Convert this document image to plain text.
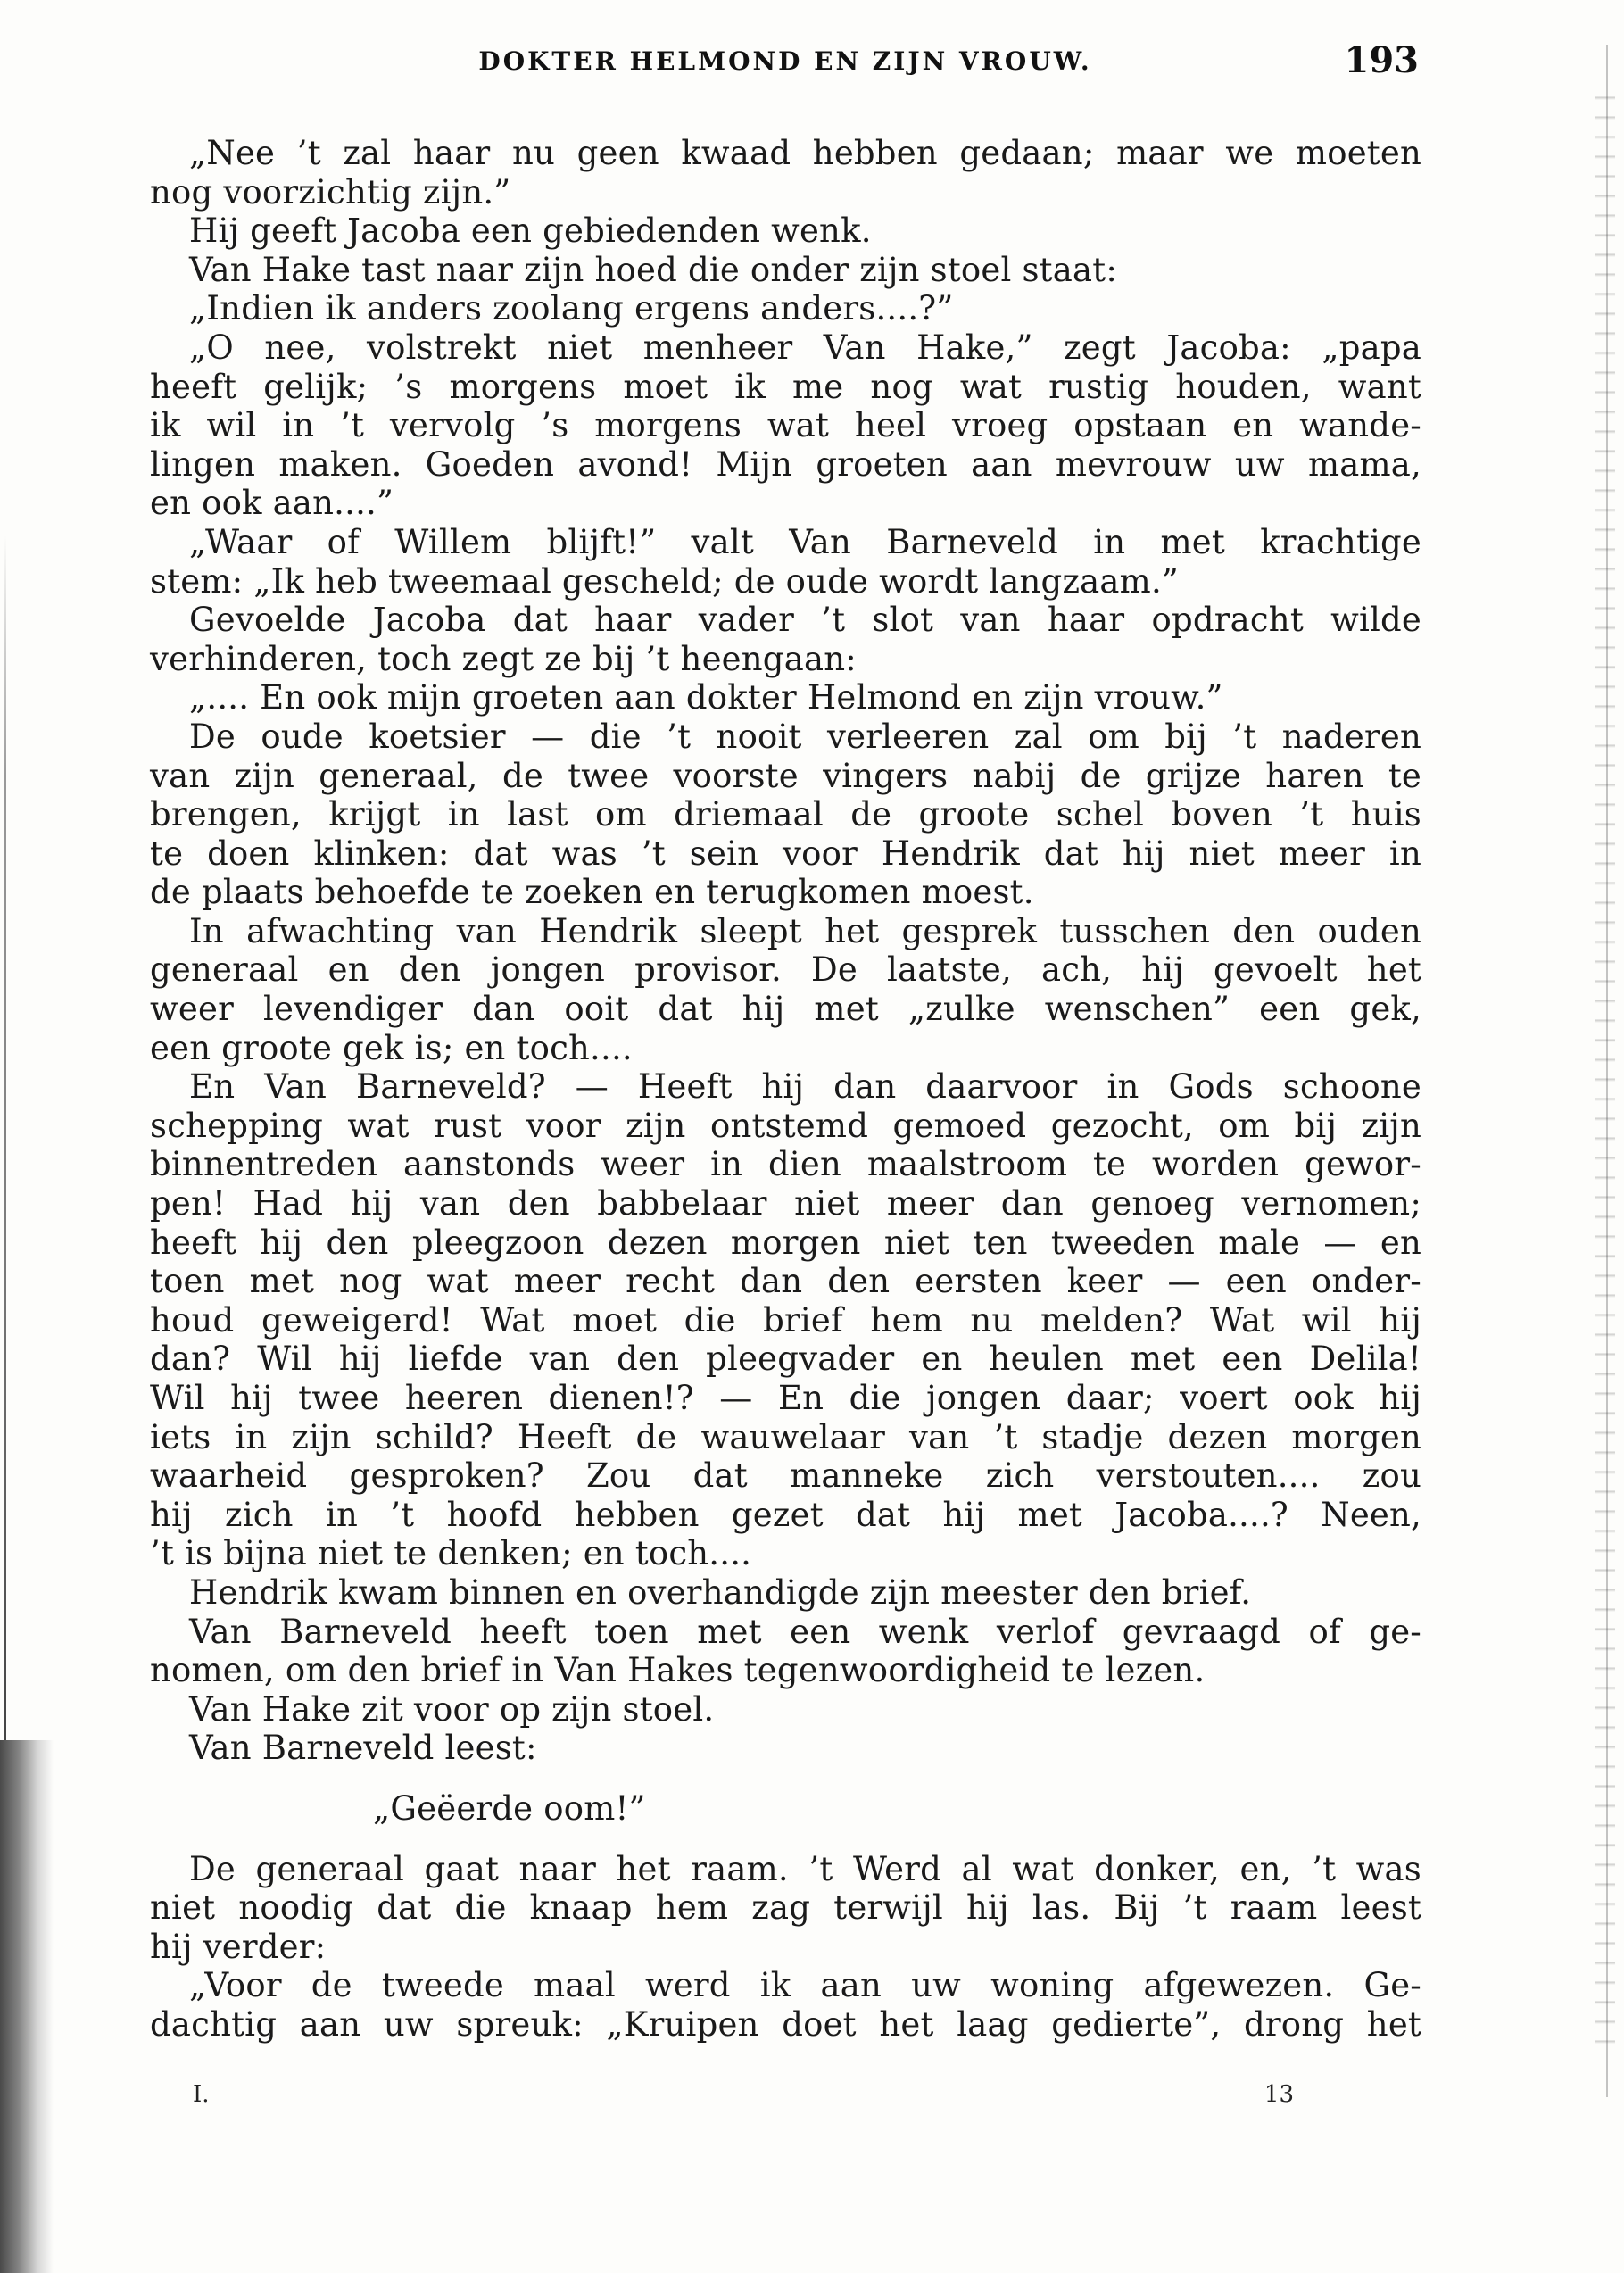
DOKTER HELMOND EN ZIJN VROUW.	193
„Nee ’t zal haar nu geen kwaad hebben gedaan; maar we moeten
nog voorzichtig zijn.”
Hij geeft Jacoba een gebiedenden wenk.
Van Hake tast naar zijn hoed die onder zijn stoel staat:
„Indien ik anders zoolang ergens anders....?”
„O nee, volstrekt niet menheer Van Hake,” zegt Jacoba: „papa
heeft gelijk; ’s morgens moet ik me nog wat rustig houden, want
ik wil in ’t vervolg ’s morgens wat heel vroeg opstaan en wande-
lingen maken. Goeden avond! Mijn groeten aan mevrouw uw mama,
en ook aan....”
„Waar of Willem blijft!” valt Van Barneveld in met krachtige
stem: „Ik heb tweemaal gescheld; de oude wordt langzaam.”
Gevoelde Jacoba dat haar vader ’t slot van haar opdracht wilde
verhinderen, toch zegt ze bij ’t heengaan:
„.... En ook mijn groeten aan dokter Helmond en zijn vrouw.”
De oude koetsier — die ’t nooit verleeren zal om bij ’t naderen
van zijn generaal, de twee voorste vingers nabij de grijze haren te
brengen, krijgt in last om driemaal de groote schel boven ’t huis
te doen klinken: dat was ’t sein voor Hendrik dat hij niet meer in
de plaats behoefde te zoeken en terugkomen moest.
In afwachting van Hendrik sleept het gesprek tusschen den ouden
generaal en den jongen provisor. De laatste, ach, hij gevoelt het
weer levendiger dan ooit dat hij met „zulke wenschen” een gek,
een groote gek is; en toch....
En Van Barneveld? — Heeft hij dan daarvoor in Gods schoone
schepping wat rust voor zijn ontstemd gemoed gezocht, om bij zijn
binnentreden aanstonds weer in dien maalstroom te worden gewor-
pen! Had hij van den babbelaar niet meer dan genoeg vernomen;
heeft hij den pleegzoon dezen morgen niet ten tweeden male — en
toen met nog wat meer recht dan den eersten keer — een onder-
houd geweigerd! Wat moet die brief hem nu melden? Wat wil hij
dan? Wil hij liefde van den pleegvader en heulen met een Delila!
Wil hij twee heeren dienen!? — En die jongen daar; voert ook hij
iets in zijn schild? Heeft de wauwelaar van ’t stadje dezen morgen
waarheid gesproken? Zou dat manneke zich verstouten.... zou
hij zich in ’t hoofd hebben gezet dat hij met Jacoba....? Neen,
’t is bijna niet te denken; en toch....
Hendrik kwam binnen en overhandigde zijn meester den brief.
Van Barneveld heeft toen met een wenk verlof gevraagd of ge-
nomen, om den brief in Van Hakes tegenwoordigheid te lezen.
Van Hake zit voor op zijn stoel.
Van Barneveld leest:
„Geëerde oom!”
De generaal gaat naar het raam. ’t Werd al wat donker, en, ’t was
niet noodig dat die knaap hem zag terwijl hij las. Bij ’t raam leest
hij verder:
„Voor de tweede maal werd ik aan uw woning afgewezen. Ge-
dachtig aan uw spreuk: „Kruipen doet het laag gedierte”, drong het
I.	13
